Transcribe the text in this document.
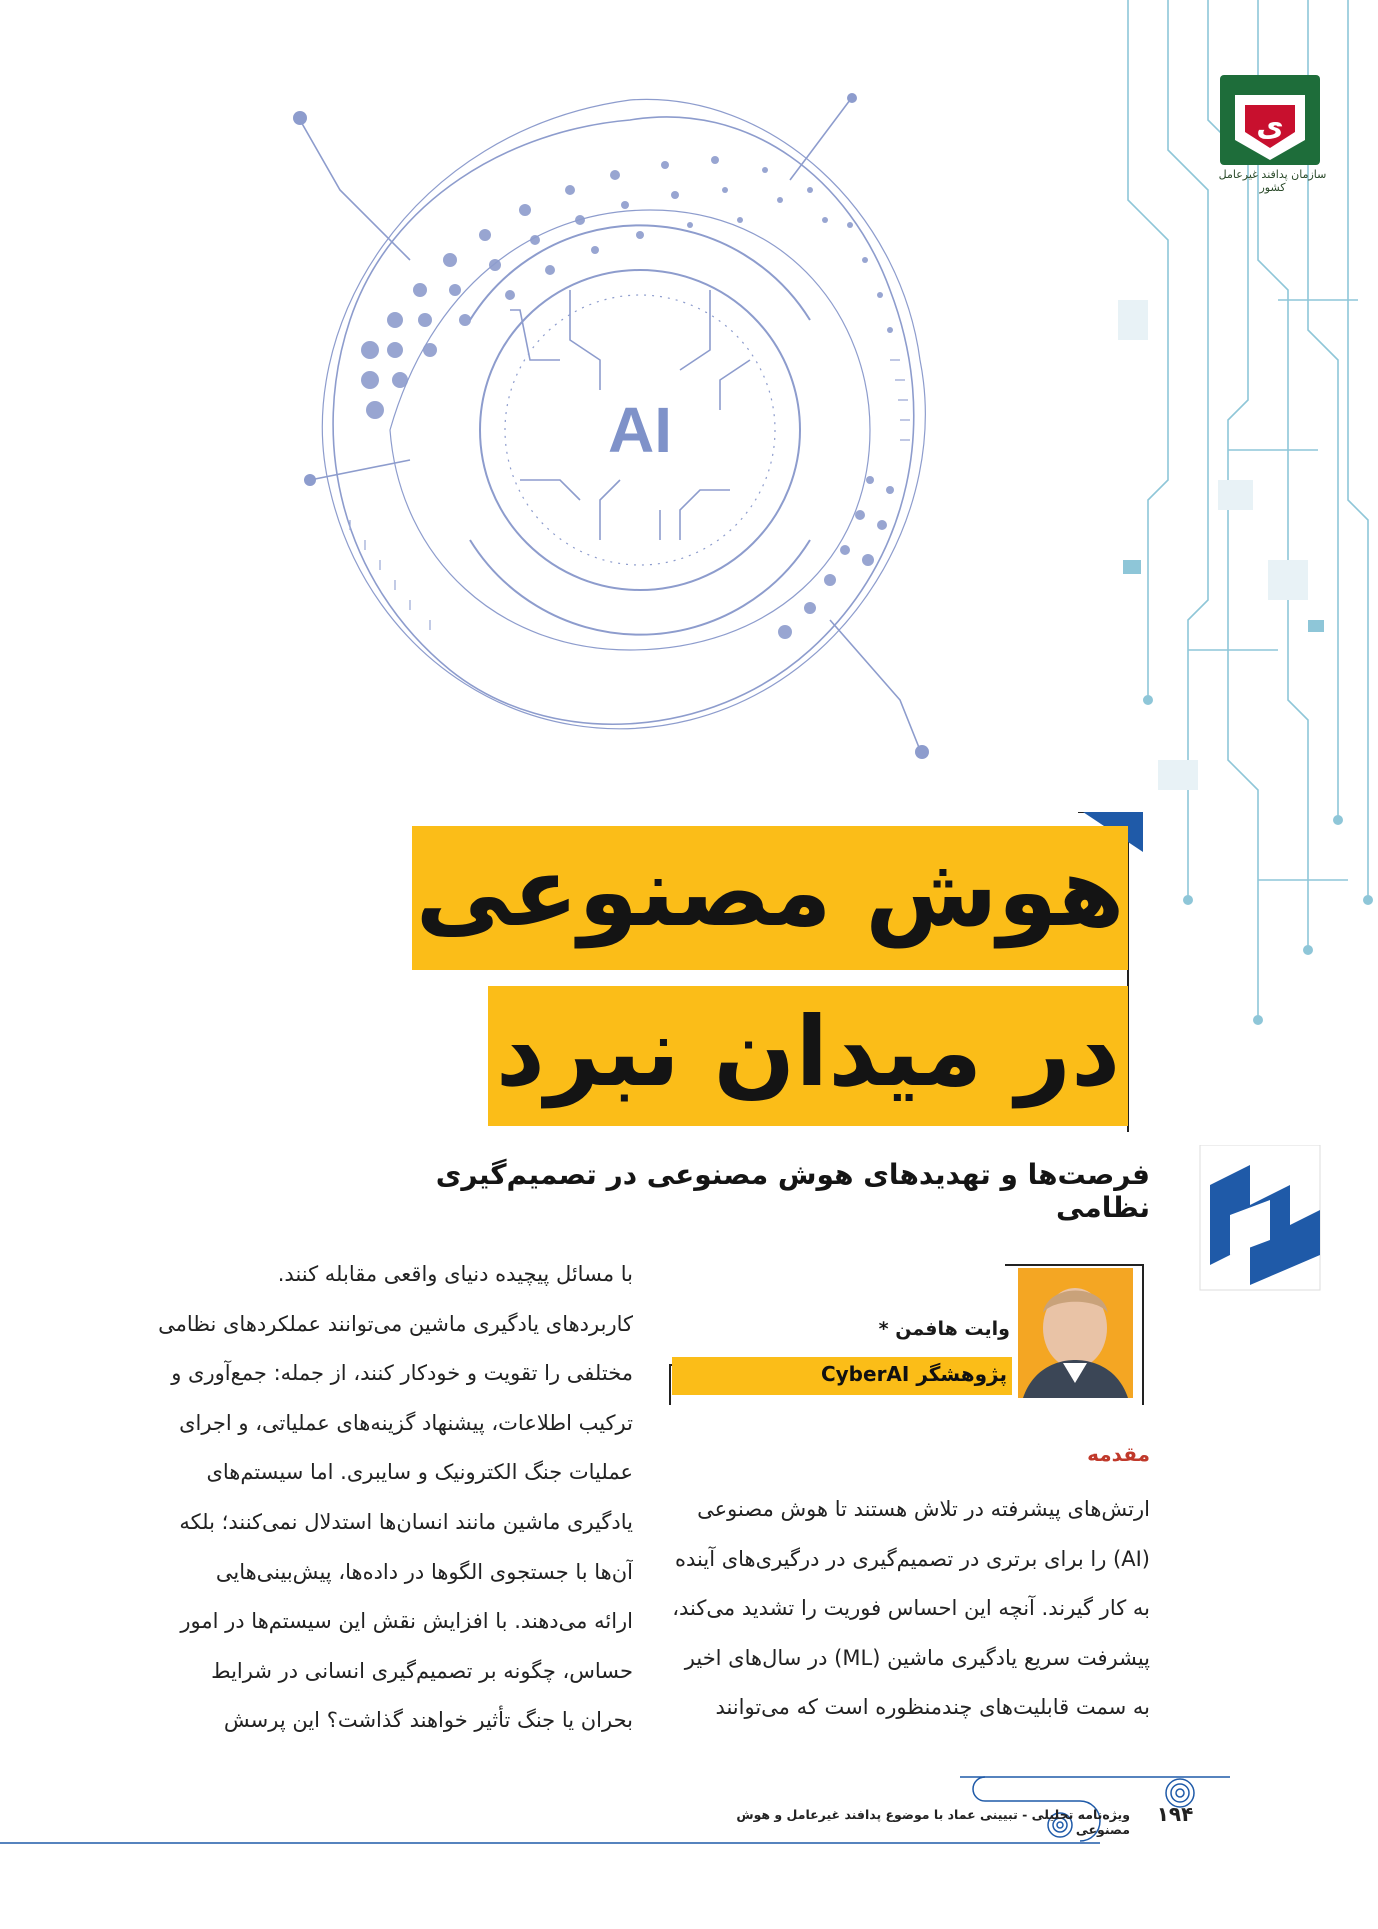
AI
ی
سازمان پدافند غیرعامل کشور
هوش مصنوعی
در میدان نبرد
فرصت‌ها و تهدیدهای هوش مصنوعی در تصمیم‌گیری نظامی
وایت هافمن *
پژوهشگر CyberAI
مقدمه
ارتش‌های پیشرفته در تلاش هستند تا هوش مصنوعی
(AI) را برای برتری در تصمیم‌گیری در درگیری‌های آینده
به کار گیرند. آنچه این احساس فوریت را تشدید می‌کند،
پیشرفت سریع یادگیری ماشین (ML) در سال‌های اخیر
به سمت قابلیت‌های چندمنظوره است که می‌توانند
با مسائل پیچیده دنیای واقعی مقابله کنند.
کاربردهای یادگیری ماشین می‌توانند عملکردهای نظامی
مختلفی را تقویت و خودکار کنند، از جمله: جمع‌آوری و
ترکیب اطلاعات، پیشنهاد گزینه‌های عملیاتی، و اجرای
عملیات جنگ الکترونیک و سایبری. اما سیستم‌های
یادگیری ماشین مانند انسان‌ها استدلال نمی‌کنند؛ بلکه
آن‌ها با جستجوی الگوها در داده‌ها، پیش‌بینی‌هایی
ارائه می‌دهند. با افزایش نقش این سیستم‌ها در امور
حساس، چگونه بر تصمیم‌گیری انسانی در شرایط
بحران یا جنگ تأثیر خواهند گذاشت؟ این پرسش
۱۹۴
ویژه‌نامه تحلیلی - تبیینی عماد با موضوع پدافند غیرعامل و هوش مصنوعی
